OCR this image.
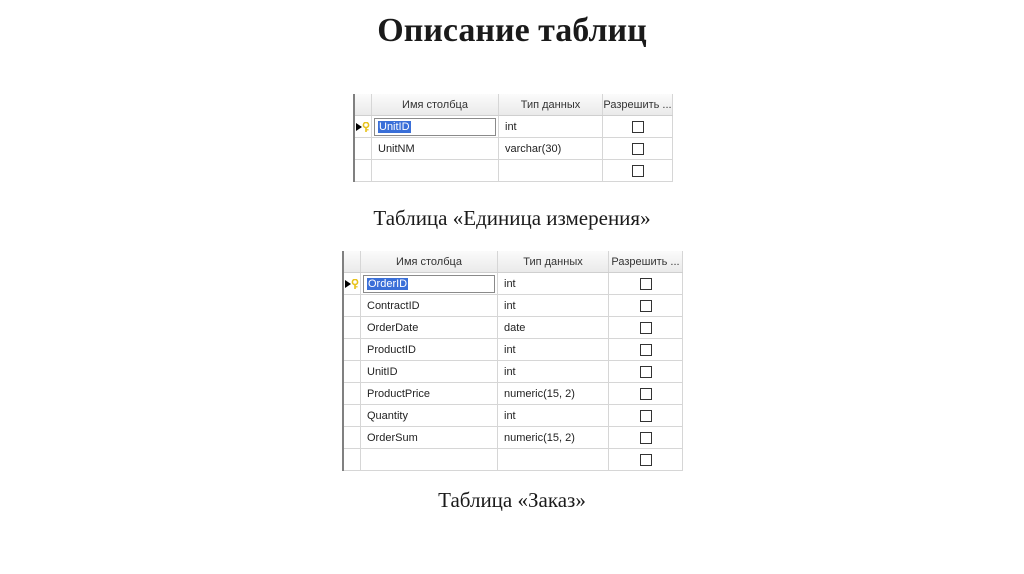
Описание таблиц
Имя столбца	Тип данных	Разрешить ...
UnitID	int
UnitNM	varchar(30)
Таблица «Единица измерения»
Имя столбца	Тип данных	Разрешить ...
OrderID	int
ContractID	int
OrderDate	date
ProductID	int
UnitID	int
ProductPrice	numeric(15, 2)
Quantity	int
OrderSum	numeric(15, 2)
Таблица «Заказ»
